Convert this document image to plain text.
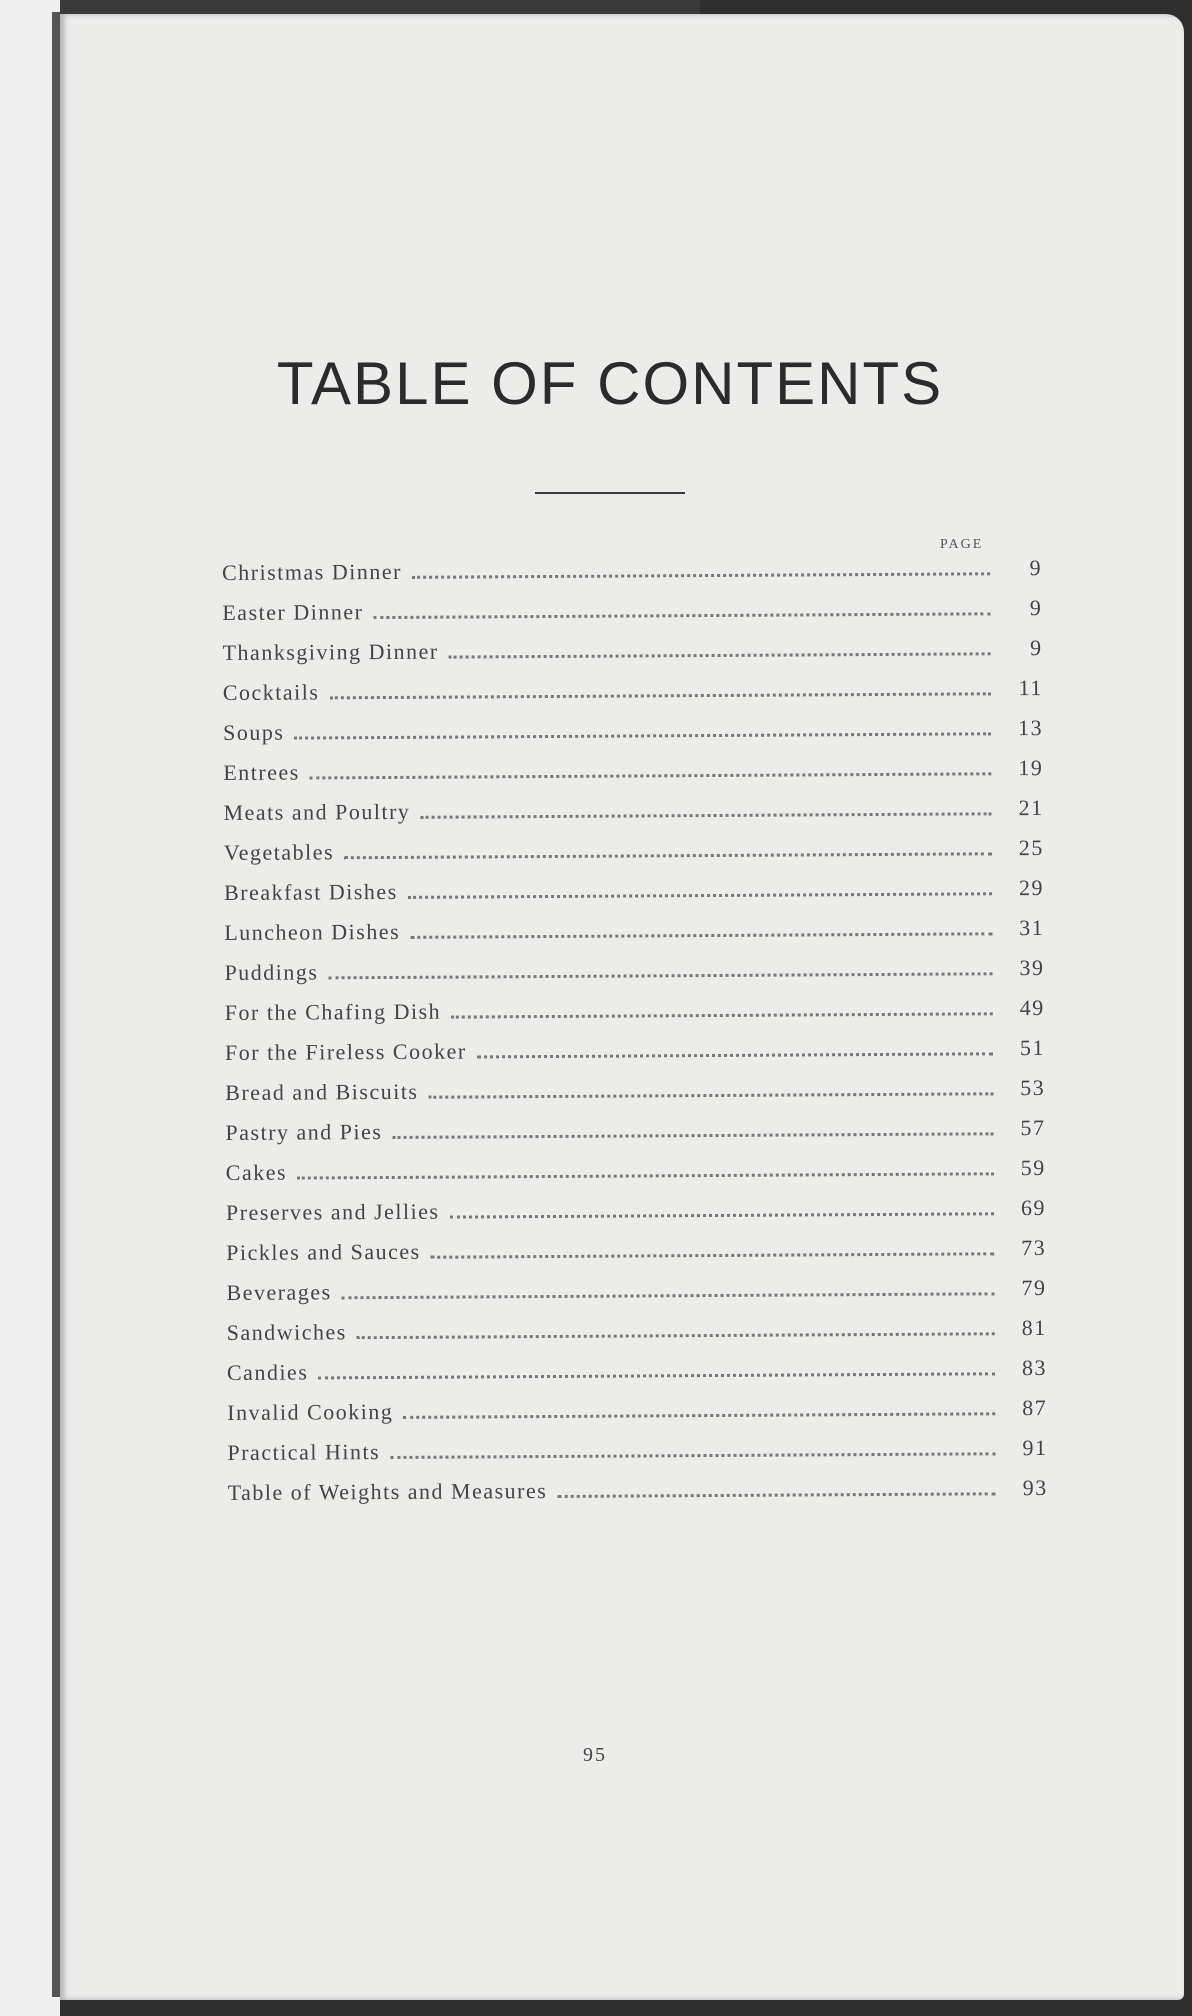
TABLE OF CONTENTS
PAGE
Christmas Dinner	9
Easter Dinner	9
Thanksgiving Dinner	9
Cocktails	11
Soups	13
Entrees	19
Meats and Poultry	21
Vegetables	25
Breakfast Dishes	29
Luncheon Dishes	31
Puddings	39
For the Chafing Dish	49
For the Fireless Cooker	51
Bread and Biscuits	53
Pastry and Pies	57
Cakes	59
Preserves and Jellies	69
Pickles and Sauces	73
Beverages	79
Sandwiches	81
Candies	83
Invalid Cooking	87
Practical Hints	91
Table of Weights and Measures	93
95
